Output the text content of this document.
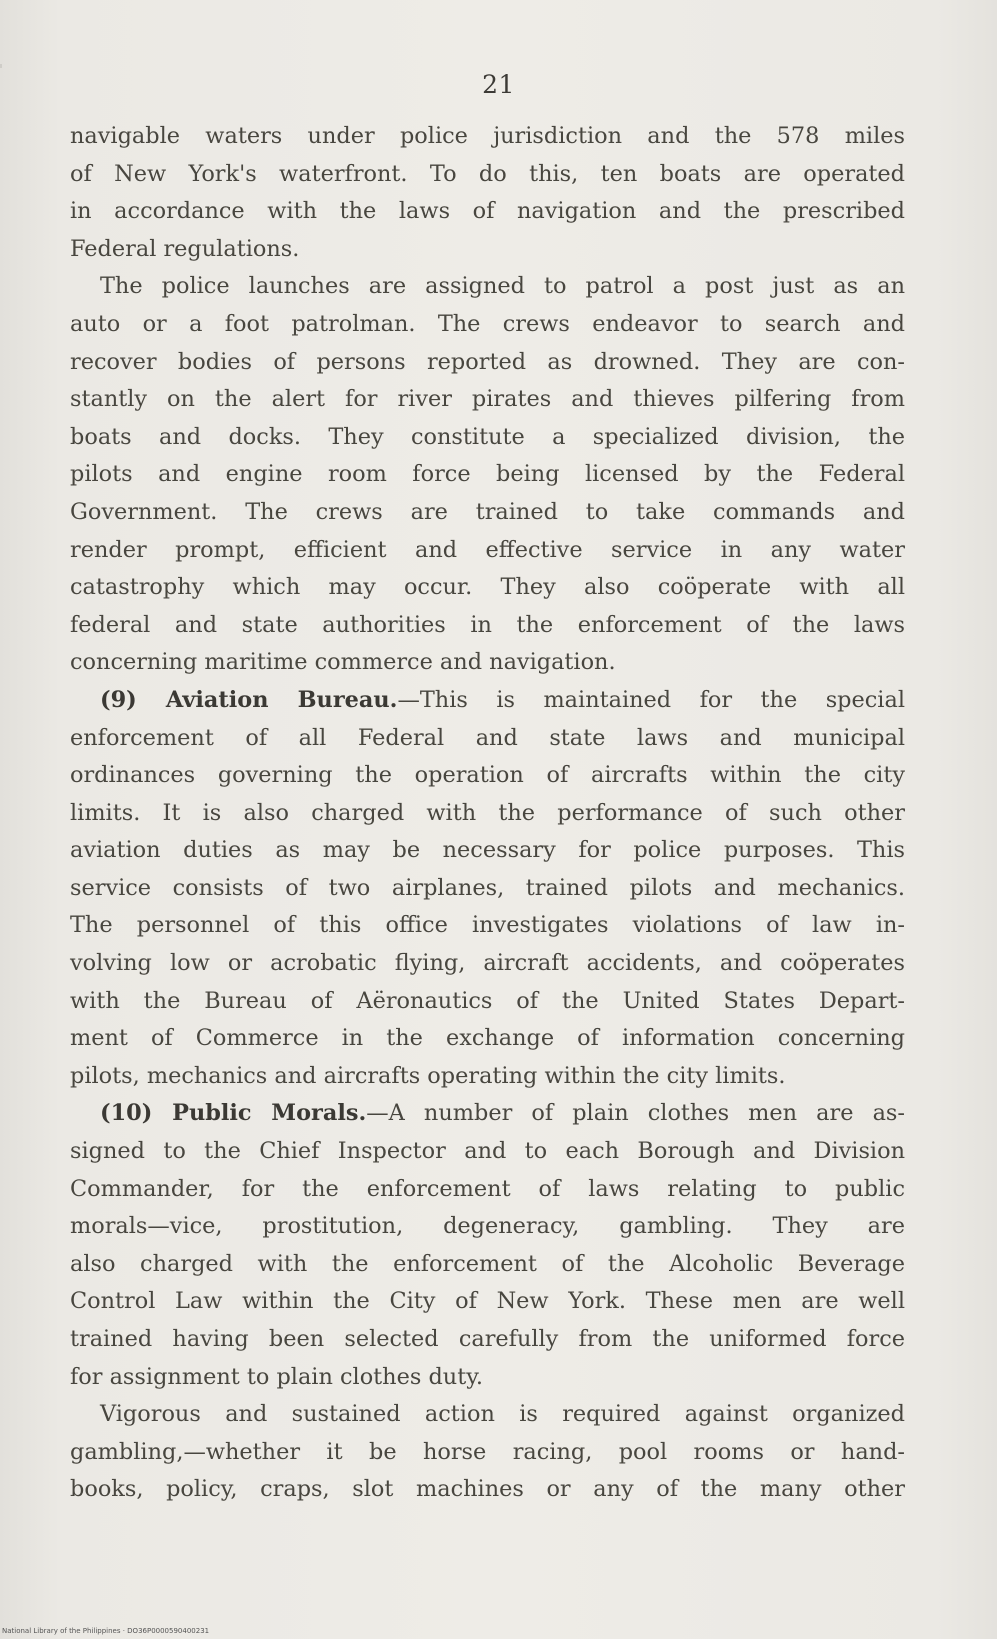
21
navigable waters under police jurisdiction and the 578 miles
of New York's waterfront. To do this, ten boats are operated
in accordance with the laws of navigation and the prescribed
Federal regulations.
The police launches are assigned to patrol a post just as an
auto or a foot patrolman. The crews endeavor to search and
recover bodies of persons reported as drowned. They are con-
stantly on the alert for river pirates and thieves pilfering from
boats and docks. They constitute a specialized division, the
pilots and engine room force being licensed by the Federal
Government. The crews are trained to take commands and
render prompt, efficient and effective service in any water
catastrophy which may occur. They also coöperate with all
federal and state authorities in the enforcement of the laws
concerning maritime commerce and navigation.
(9) Aviation Bureau.—This is maintained for the special
enforcement of all Federal and state laws and municipal
ordinances governing the operation of aircrafts within the city
limits. It is also charged with the performance of such other
aviation duties as may be necessary for police purposes. This
service consists of two airplanes, trained pilots and mechanics.
The personnel of this office investigates violations of law in-
volving low or acrobatic flying, aircraft accidents, and coöperates
with the Bureau of Aëronautics of the United States Depart-
ment of Commerce in the exchange of information concerning
pilots, mechanics and aircrafts operating within the city limits.
(10) Public Morals.—A number of plain clothes men are as-
signed to the Chief Inspector and to each Borough and Division
Commander, for the enforcement of laws relating to public
morals—vice, prostitution, degeneracy, gambling. They are
also charged with the enforcement of the Alcoholic Beverage
Control Law within the City of New York. These men are well
trained having been selected carefully from the uniformed force
for assignment to plain clothes duty.
Vigorous and sustained action is required against organized
gambling,—whether it be horse racing, pool rooms or hand-
books, policy, craps, slot machines or any of the many other
National Library of the Philippines · DO36P0000590400231
